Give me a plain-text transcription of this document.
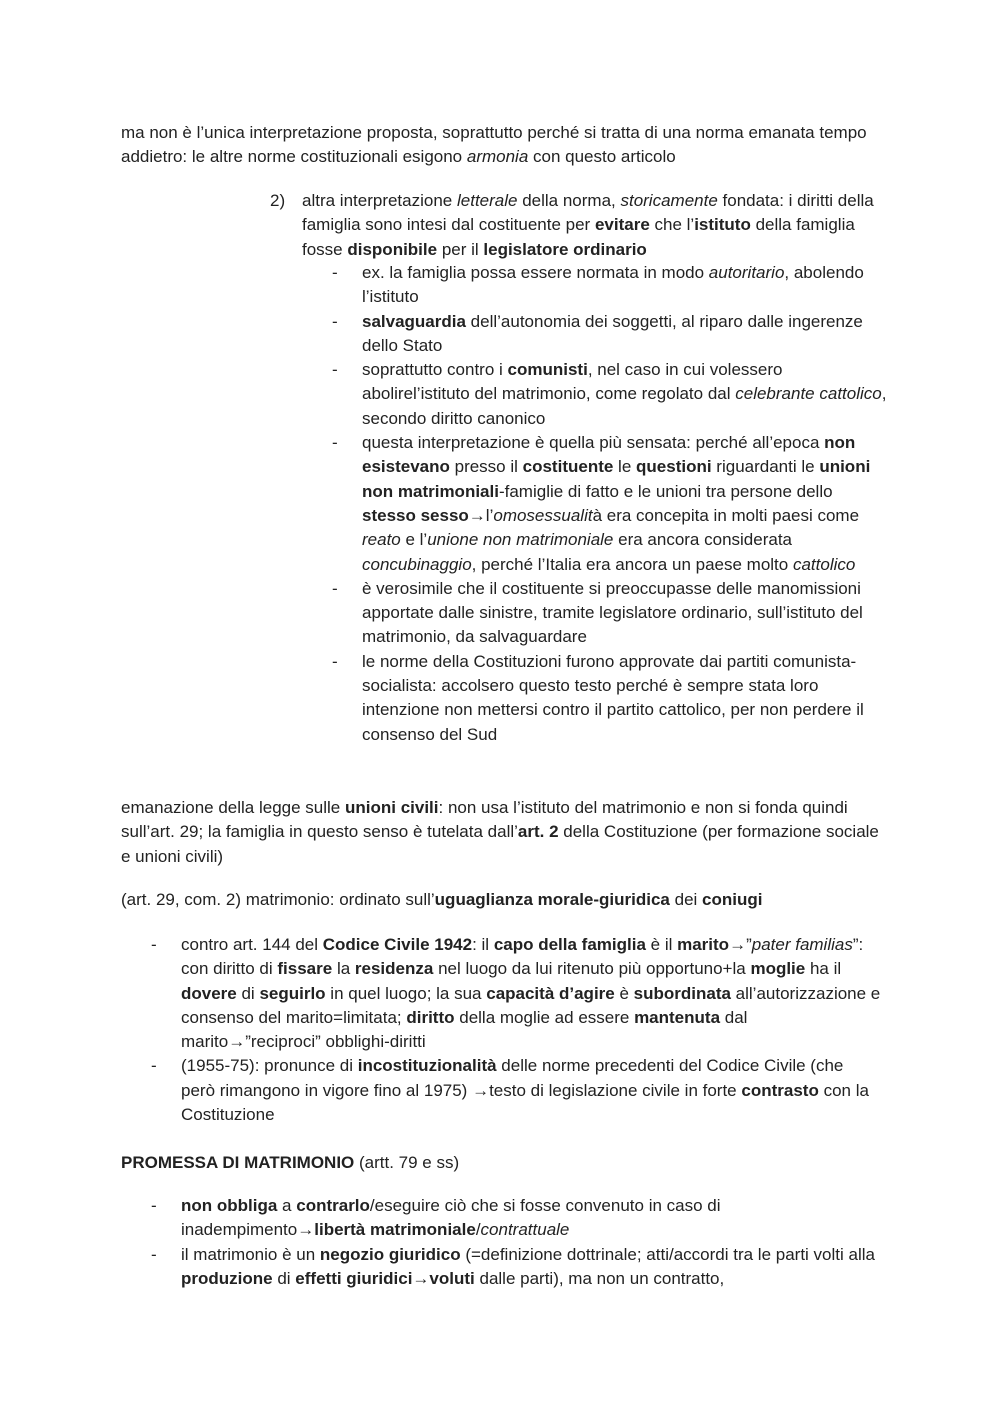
ma non è l’unica interpretazione proposta, soprattutto perché si tratta di una norma emanata tempo addietro: le altre norme costituzionali esigono armonia con questo articolo

2) altra interpretazione letterale della norma, storicamente fondata: i diritti della famiglia sono intesi dal costituente per evitare che l’istituto della famiglia fosse disponibile per il legislatore ordinario
- ex. la famiglia possa essere normata in modo autoritario, abolendo l’istituto
- salvaguardia dell’autonomia dei soggetti, al riparo dalle ingerenze dello Stato
- soprattutto contro i comunisti, nel caso in cui volessero abolirel’istituto del matrimonio, come regolato dal celebrante cattolico, secondo diritto canonico
- questa interpretazione è quella più sensata: perché all’epoca non esistevano presso il costituente le questioni riguardanti le unioni non matrimoniali-famiglie di fatto e le unioni tra persone dello stesso sesso→l’omosessualità era concepita in molti paesi come reato e l’unione non matrimoniale era ancora considerata concubinaggio, perché l’Italia era ancora un paese molto cattolico
- è verosimile che il costituente si preoccupasse delle manomissioni apportate dalle sinistre, tramite legislatore ordinario, sull’istituto del matrimonio, da salvaguardare
- le norme della Costituzioni furono approvate dai partiti comunista-socialista: accolsero questo testo perché è sempre stata loro intenzione non mettersi contro il partito cattolico, per non perdere il consenso del Sud

emanazione della legge sulle unioni civili: non usa l’istituto del matrimonio e non si fonda quindi sull’art. 29; la famiglia in questo senso è tutelata dall’art. 2 della Costituzione (per formazione sociale e unioni civili)

(art. 29, com. 2) matrimonio: ordinato sull’uguaglianza morale-giuridica dei coniugi

- contro art. 144 del Codice Civile 1942: il capo della famiglia è il marito→”pater familias”: con diritto di fissare la residenza nel luogo da lui ritenuto più opportuno+la moglie ha il dovere di seguirlo in quel luogo; la sua capacità d’agire è subordinata all’autorizzazione e consenso del marito=limitata; diritto della moglie ad essere mantenuta dal marito→”reciproci” obblighi-diritti
- (1955-75): pronunce di incostituzionalità delle norme precedenti del Codice Civile (che però rimangono in vigore fino al 1975) →testo di legislazione civile in forte contrasto con la Costituzione

PROMESSA DI MATRIMONIO (artt. 79 e ss)

- non obbliga a contrarlo/eseguire ciò che si fosse convenuto in caso di inadempimento→libertà matrimoniale/contrattuale
- il matrimonio è un negozio giuridico (=definizione dottrinale; atti/accordi tra le parti volti alla produzione di effetti giuridici→voluti dalle parti), ma non un contratto,
